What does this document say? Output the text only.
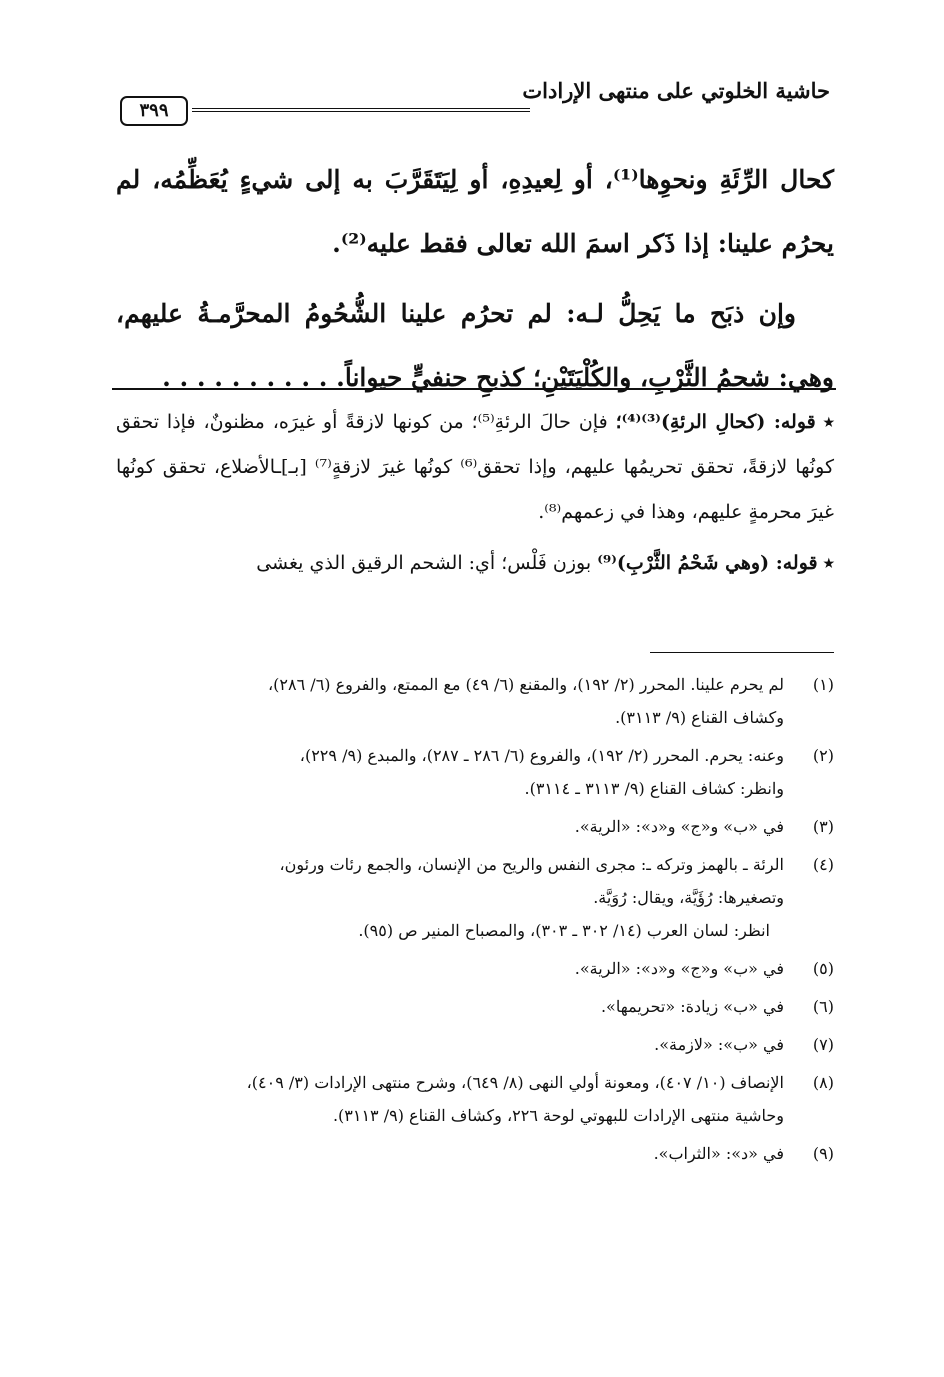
حاشية الخلوتي على منتهى الإرادات
٣٩٩

كحال الرِّئَةِ ونحوِها⁽¹⁾، أو لِعيدِهِ، أو لِيَتَقَرَّبَ به إلى شيءٍ يُعَظِّمُه، لم يحرُم علينا: إذا ذَكر اسمَ الله تعالى فقط عليه⁽²⁾.

وإن ذبَح ما يَحِلُّ لـه: لم تحرُم علينا الشُّحُومُ المحرَّمـةُ عليهم، وهي: شحمُ الثَّرْبِ، والكُلْيَتَيْنِ؛ كذبحِ حنفيٍّ حيواناً. . . . . . . . . . .

٭ قوله: (كحالِ الرئةِ)⁽³⁾⁽⁴⁾؛ فإن حالَ الرئةِ⁽⁵⁾؛ من كونها لازقةً أو غيرَه، مظنونٌ، فإذا تحقق كونُها لازقةً، تحقق تحريمُها عليهم، وإذا تحقق⁽⁶⁾ كونُها غيرَ لازقةٍ⁽⁷⁾ [بـ]ـالأضلاع، تحقق كونُها غيرَ محرمةٍ عليهم، وهذا في زعمهم⁽⁸⁾.

٭ قوله: (وهي شَحْمُ الثَّرْبِ)⁽⁹⁾ بوزن فَلْس؛ أي: الشحم الرقيق الذي يغشى

(١)
لم يحرم علينا. المحرر (٢/ ١٩٢)، والمقنع (٦/ ٤٩) مع الممتع، والفروع (٦/ ٢٨٦)،
وكشاف القناع (٩/ ٣١١٣).
(٢)
وعنه: يحرم. المحرر (٢/ ١٩٢)، والفروع (٦/ ٢٨٦ ـ ٢٨٧)، والمبدع (٩/ ٢٢٩)،
وانظر: كشاف القناع (٩/ ٣١١٣ ـ ٣١١٤).
(٣)
في «ب» و«ج» و«د»: «الرية».
(٤)
الرئة ـ بالهمز وتركه ـ: مجرى النفس والريح من الإنسان، والجمع رئات ورئون،
وتصغيرها: رُؤَيَّة، ويقال: رُوَيَّة.
انظر: لسان العرب (١٤/ ٣٠٢ ـ ٣٠٣)، والمصباح المنير ص (٩٥).
(٥)
في «ب» و«ج» و«د»: «الرية».
(٦)
في «ب» زيادة: «تحريمها».
(٧)
في «ب»: «لازمة».
(٨)
الإنصاف (١٠/ ٤٠٧)، ومعونة أولي النهى (٨/ ٦٤٩)، وشرح منتهى الإرادات (٣/ ٤٠٩)،
وحاشية منتهى الإرادات للبهوتي لوحة ٢٢٦، وكشاف القناع (٩/ ٣١١٣).
(٩)
في «د»: «الثراب».
